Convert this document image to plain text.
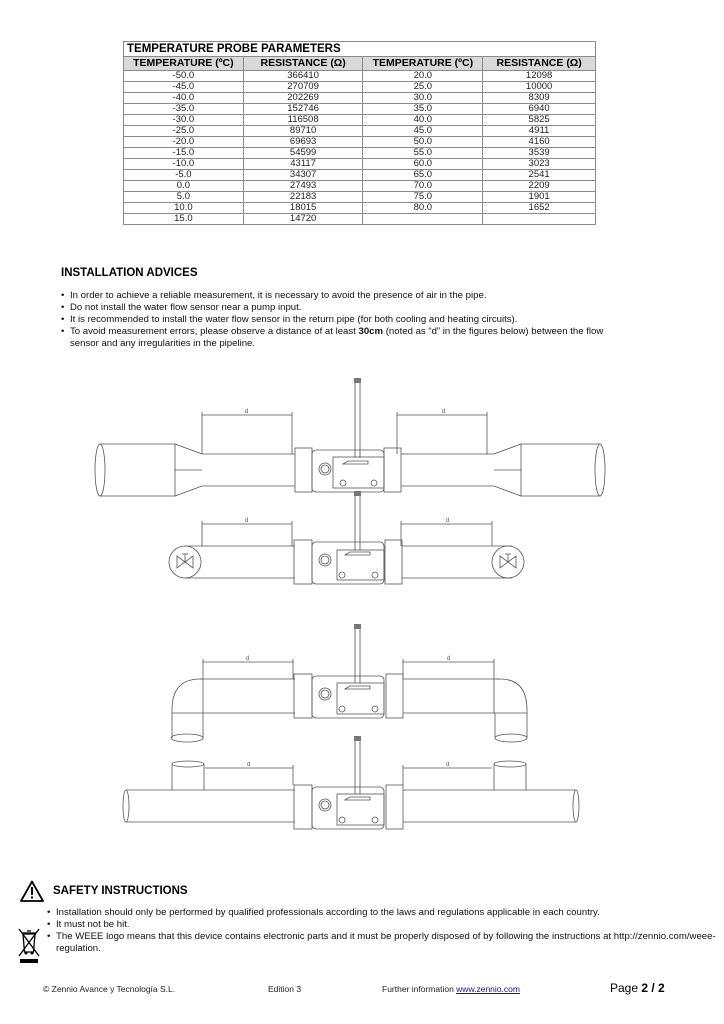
TEMPERATURE PROBE PARAMETERS			
TEMPERATURE (ºC)	RESISTANCE (Ω)	TEMPERATURE (ºC)	RESISTANCE (Ω)
-50.0	366410	20.0	12098
-45.0	270709	25.0	10000
-40.0	202269	30.0	8309
-35.0	152746	35.0	6940
-30.0	116508	40.0	5825
-25.0	89710	45.0	4911
-20.0	69693	50.0	4160
-15.0	54599	55.0	3539
-10.0	43117	60.0	3023
-5.0	34307	65.0	2541
0.0	27493	70.0	2209
5.0	22183	75.0	1901
10.0	18015	80.0	1652
15.0	14720		
INSTALLATION ADVICES
• In order to achieve a reliable measurement, it is necessary to avoid the presence of air in the pipe.
• Do not install the water flow sensor near a pump input.
• It is recommended to install the water flow sensor in the return pipe (for both cooling and heating circuits).
• To avoid measurement errors, please observe a distance of at least 30cm (noted as “d” in the figures below) between the flow sensor and any irregularities in the pipeline.
d	d
d	d
d	d
d	d
SAFETY INSTRUCTIONS
• Installation should only be performed by qualified professionals according to the laws and regulations applicable in each country.
• It must not be hit.
• The WEEE logo means that this device contains electronic parts and it must be properly disposed of by following the instructions at http://zennio.com/weee-regulation.
© Zennio Avance y Tecnología S.L.	Edition 3	Further information www.zennio.com	Page 2 / 2
